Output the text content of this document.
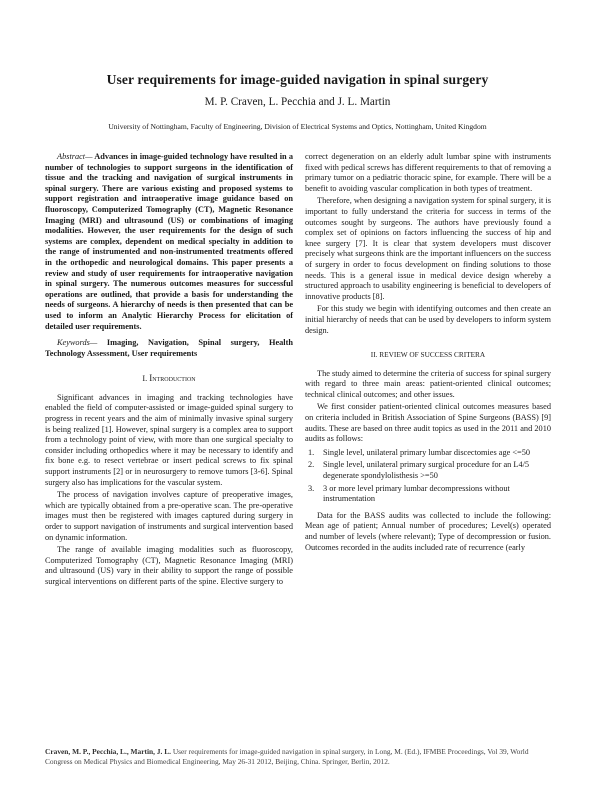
User requirements for image-guided navigation in spinal surgery

M. P. Craven, L. Pecchia and J. L. Martin

University of Nottingham, Faculty of Engineering, Division of Electrical Systems and Optics, Nottingham, United Kingdom

Abstract— Advances in image-guided technology have resulted in a number of technologies to support surgeons in the identification of tissue and the tracking and navigation of surgical instruments in spinal surgery. There are various existing and proposed systems to support registration and intraoperative image guidance based on fluoroscopy, Computerized Tomography (CT), Magnetic Resonance Imaging (MRI) and ultrasound (US) or combinations of imaging modalities. However, the user requirements for the design of such systems are complex, dependent on medical specialty in addition to the range of instrumented and non-instrumented treatments offered in the orthopedic and neurological domains. This paper presents a review and study of user requirements for intraoperative navigation in spinal surgery. The numerous outcomes measures for successful operations are outlined, that provide a basis for understanding the needs of surgeons. A hierarchy of needs is then presented that can be used to inform an Analytic Hierarchy Process for elicitation of detailed user requirements.

Keywords— Imaging, Navigation, Spinal surgery, Health Technology Assessment, User requirements

I. Introduction

Significant advances in imaging and tracking technologies have enabled the field of computer-assisted or image-guided spinal surgery to progress in recent years and the aim of minimally invasive spinal surgery is being realized [1]. However, spinal surgery is a complex area to support from a technology point of view, with more than one surgical specialty to consider including orthopedics where it may be necessary to identify and fix bone e.g. to resect vertebrae or insert pedical screws to fix spinal support instruments [2] or in neurosurgery to remove tumors [3-6]. Spinal surgery also has implications for the vascular system.

The process of navigation involves capture of preoperative images, which are typically obtained from a pre-operative scan. The pre-operative images must then be registered with images captured during surgery in order to support navigation of instruments and surgical intervention based on dynamic information.

The range of available imaging modalities such as fluoroscopy, Computerized Tomography (CT), Magnetic Resonance Imaging (MRI) and ultrasound (US) vary in their ability to support the range of possible surgical interventions on different parts of the spine. Elective surgery to

correct degeneration on an elderly adult lumbar spine with instruments fixed with pedical screws has different requirements to that of removing a primary tumor on a pediatric thoracic spine, for example. There will be a benefit to avoiding vascular complication in both types of treatment.

Therefore, when designing a navigation system for spinal surgery, it is important to fully understand the criteria for success in terms of the outcomes sought by surgeons. The authors have previously found a complex set of opinions on factors influencing the success of hip and knee surgery [7]. It is clear that system developers must discover precisely what surgeons think are the important influencers on the success of surgery in order to focus development on finding solutions to those needs. This is a general issue in medical device design whereby a structured approach to usability engineering is beneficial to developers of innovative products [8].

For this study we begin with identifying outcomes and then create an initial hierarchy of needs that can be used by developers to inform system design.

II. REVIEW OF SUCCESS CRITERA

The study aimed to determine the criteria of success for spinal surgery with regard to three main areas: patient-oriented clinical outcomes; technical clinical outcomes; and other issues.

We first consider patient-oriented clinical outcomes measures based on criteria included in British Association of Spine Surgeons (BASS) [9] audits. These are based on three audit topics as used in the 2011 and 2010 audits as follows:

1. Single level, unilateral primary lumbar discectomies age <=50
2. Single level, unilateral primary surgical procedure for an L4/5 degenerate spondylolisthesis >=50
3. 3 or more level primary lumbar decompressions without instrumentation

Data for the BASS audits was collected to include the following: Mean age of patient; Annual number of procedures; Level(s) operated and number of levels (where relevant); Type of decompression or fusion. Outcomes recorded in the audits included rate of recurrence (early

Craven, M. P., Pecchia, L., Martin, J. L. User requirements for image-guided navigation in spinal surgery, in Long, M. (Ed.), IFMBE Proceedings, Vol 39, World Congress on Medical Physics and Biomedical Engineering, May 26-31 2012, Beijing, China. Springer, Berlin, 2012.
